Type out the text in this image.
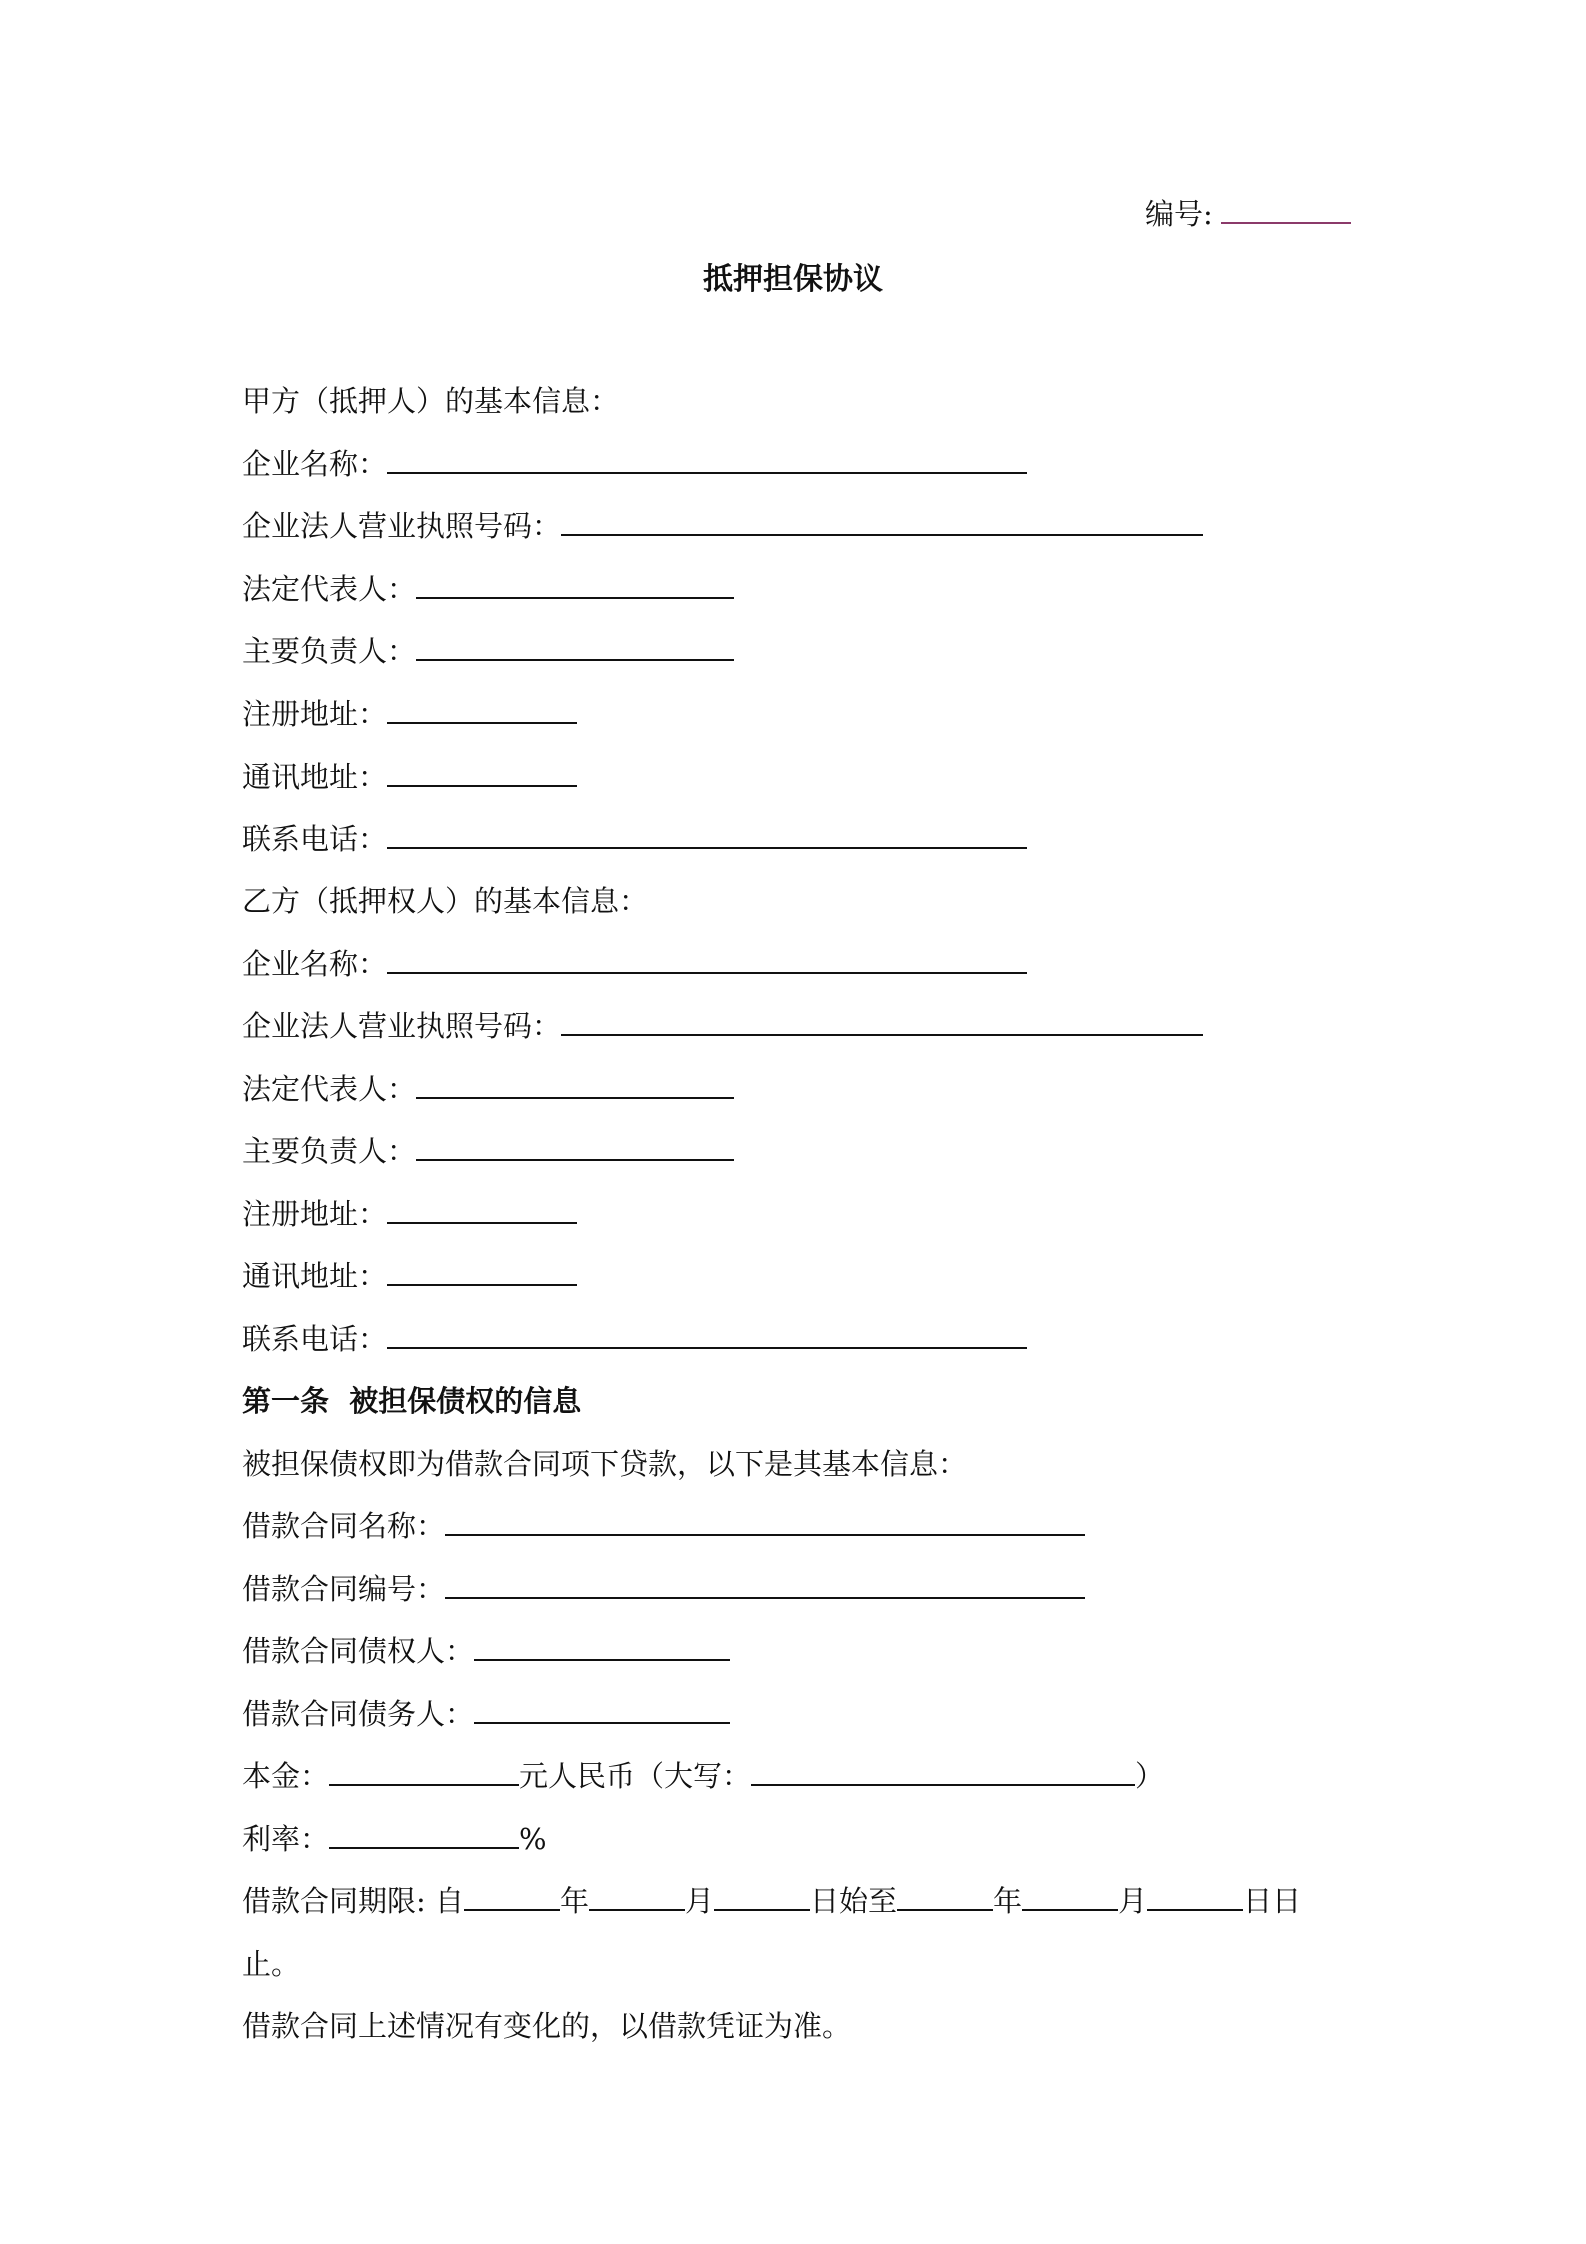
编号:
抵押担保协议
甲方（抵押人）的基本信息：
企业名称：
企业法人营业执照号码：
法定代表人：
主要负责人：
注册地址：
通讯地址：
联系电话：
乙方（抵押权人）的基本信息：
企业名称：
企业法人营业执照号码：
法定代表人：
主要负责人：
注册地址：
通讯地址：
联系电话：
第一条  被担保债权的信息
被担保债权即为借款合同项下贷款，以下是其基本信息：
借款合同名称：
借款合同编号：
借款合同债权人：
借款合同债务人：
本金：	元人民币（大写：	）
利率：	%
借款合同期限: 自	年	月	日始至	年	月	日日
止。
借款合同上述情况有变化的，以借款凭证为准。
